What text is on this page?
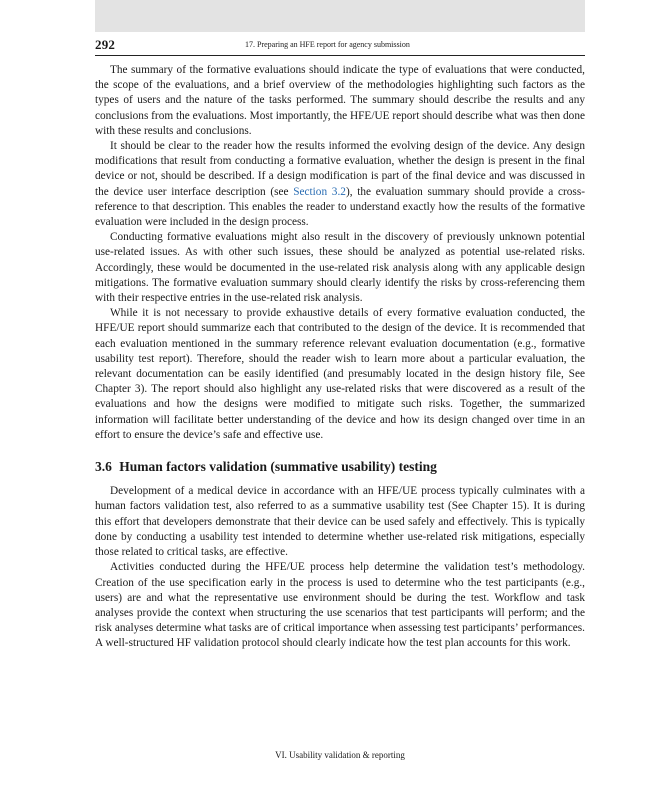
292	17. Preparing an HFE report for agency submission

The summary of the formative evaluations should indicate the type of evaluations that were conducted, the scope of the evaluations, and a brief overview of the methodologies highlighting such factors as the types of users and the nature of the tasks performed. The summary should describe the results and any conclusions from the evaluations. Most importantly, the HFE/UE report should describe what was then done with these results and conclusions.

It should be clear to the reader how the results informed the evolving design of the device. Any design modifications that result from conducting a formative evaluation, whether the design is present in the final device or not, should be described. If a design modification is part of the final device and was discussed in the device user interface description (see Section 3.2), the evaluation summary should provide a cross-reference to that description. This enables the reader to understand exactly how the results of the formative evaluation were included in the design process.

Conducting formative evaluations might also result in the discovery of previously unknown potential use-related issues. As with other such issues, these should be analyzed as potential use-related risks. Accordingly, these would be documented in the use-related risk analysis along with any applicable design mitigations. The formative evaluation summary should clearly identify the risks by cross-referencing them with their respective entries in the use-related risk analysis.

While it is not necessary to provide exhaustive details of every formative evaluation conducted, the HFE/UE report should summarize each that contributed to the design of the device. It is recommended that each evaluation mentioned in the summary reference relevant evaluation documentation (e.g., formative usability test report). Therefore, should the reader wish to learn more about a particular evaluation, the relevant documentation can be easily identified (and presumably located in the design history file, See Chapter 3). The report should also highlight any use-related risks that were discovered as a result of the evaluations and how the designs were modified to mitigate such risks. Together, the summarized information will facilitate better understanding of the device and how its design changed over time in an effort to ensure the device’s safe and effective use.

3.6 Human factors validation (summative usability) testing

Development of a medical device in accordance with an HFE/UE process typically culminates with a human factors validation test, also referred to as a summative usability test (See Chapter 15). It is during this effort that developers demonstrate that their device can be used safely and effectively. This is typically done by conducting a usability test intended to determine whether use-related risk mitigations, especially those related to critical tasks, are effective.

Activities conducted during the HFE/UE process help determine the validation test’s methodology. Creation of the use specification early in the process is used to determine who the test participants (e.g., users) are and what the representative use environment should be during the test. Workflow and task analyses provide the context when structuring the use scenarios that test participants will perform; and the risk analyses determine what tasks are of critical importance when assessing test participants’ performances. A well-structured HF validation protocol should clearly indicate how the test plan accounts for this work.

VI. Usability validation & reporting
